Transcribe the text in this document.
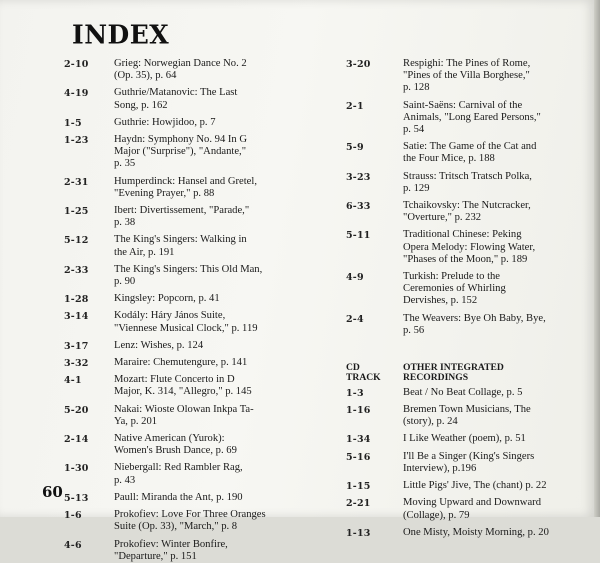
INDEX
2-10	Grieg: Norwegian Dance No. 2
(Op. 35), p. 64
4-19	Guthrie/Matanovic: The Last
Song, p. 162
1-5	Guthrie: Howjidoo, p. 7
1-23	Haydn: Symphony No. 94 In G
Major ("Surprise"), "Andante,"
p. 35
2-31	Humperdinck: Hansel and Gretel,
"Evening Prayer," p. 88
1-25	Ibert: Divertissement, "Parade,"
p. 38
5-12	The King's Singers: Walking in
the Air, p. 191
2-33	The King's Singers: This Old Man,
p. 90
1-28	Kingsley: Popcorn, p. 41
3-14	Kodály: Háry János Suite,
"Viennese Musical Clock," p. 119
3-17	Lenz: Wishes, p. 124
3-32	Maraire: Chemutengure, p. 141
4-1	Mozart: Flute Concerto in D
Major, K. 314, "Allegro," p. 145
5-20	Nakai: Wioste Olowan Inkpa Ta-
Ya, p. 201
2-14	Native American (Yurok):
Women's Brush Dance, p. 69
1-30	Niebergall: Red Rambler Rag,
p. 43
5-13	Paull: Miranda the Ant, p. 190
1-6	Prokofiev: Love For Three Oranges
Suite (Op. 33), "March," p. 8
4-6	Prokofiev: Winter Bonfire,
"Departure," p. 151
3-20	Respighi: The Pines of Rome,
"Pines of the Villa Borghese,"
p. 128
2-1	Saint-Saëns: Carnival of the
Animals, "Long Eared Persons,"
p. 54
5-9	Satie: The Game of the Cat and
the Four Mice, p. 188
3-23	Strauss: Tritsch Tratsch Polka,
p. 129
6-33	Tchaikovsky: The Nutcracker,
"Overture," p. 232
5-11	Traditional Chinese: Peking
Opera Melody: Flowing Water,
"Phases of the Moon," p. 189
4-9	Turkish: Prelude to the
Ceremonies of Whirling
Dervishes, p. 152
2-4	The Weavers: Bye Oh Baby, Bye,
p. 56
CD
TRACK
OTHER INTEGRATED
RECORDINGS
1-3	Beat / No Beat Collage, p. 5
1-16	Bremen Town Musicians, The
(story), p. 24
1-34	I Like Weather (poem), p. 51
5-16	I'll Be a Singer (King's Singers
Interview), p.196
1-15	Little Pigs' Jive, The (chant) p. 22
2-21	Moving Upward and Downward
(Collage), p. 79
1-13	One Misty, Moisty Morning, p. 20
60
